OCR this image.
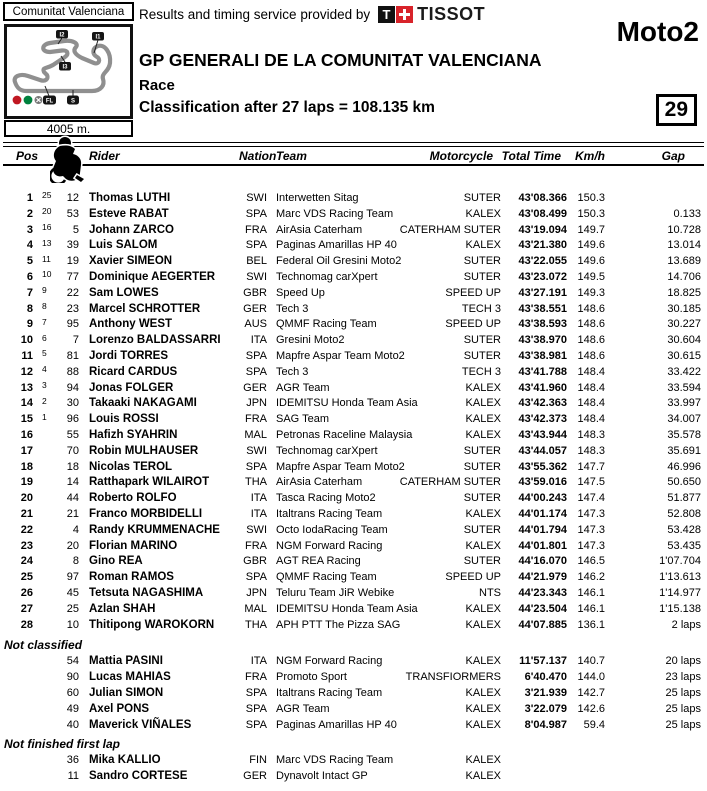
Comunitat Valenciana
I2	I1
I3
FL	S
4005 m.
Results and timing service provided by T TISSOT
Moto2
GP GENERALI DE LA COMUNITAT VALENCIANA
Race
Classification after 27 laps = 108.135 km	29
Pos	Rider	Nation Team	Motorcycle Total Time	Km/h	Gap
1	25	12 Thomas LUTHI	SWI Interwetten Sitag	SUTER	43'08.366 150.3
2	20	53 Esteve RABAT	SPA Marc VDS Racing Team	KALEX	43'08.499 150.3	0.133
3	16	5 Johann ZARCO	FRA AirAsia Caterham	CATERHAM SUTER	43'19.094 149.7	10.728
4	13	39 Luis SALOM	SPA Paginas Amarillas HP 40	KALEX	43'21.380 149.6	13.014
5	11	19 Xavier SIMEON	BEL Federal Oil Gresini Moto2	SUTER	43'22.055 149.6	13.689
6	10	77 Dominique AEGERTER	SWI Technomag carXpert	SUTER	43'23.072 149.5	14.706
7	9	22 Sam LOWES	GBR Speed Up	SPEED UP	43'27.191 149.3	18.825
8	8	23 Marcel SCHROTTER	GER Tech 3	TECH 3	43'38.551 148.6	30.185
9	7	95 Anthony WEST	AUS QMMF Racing Team	SPEED UP	43'38.593 148.6	30.227
10	6	7 Lorenzo BALDASSARRI	ITA Gresini Moto2	SUTER	43'38.970 148.6	30.604
11	5	81 Jordi TORRES	SPA Mapfre Aspar Team Moto2	SUTER	43'38.981 148.6	30.615
12	4	88 Ricard CARDUS	SPA Tech 3	TECH 3	43'41.788 148.4	33.422
13	3	94 Jonas FOLGER	GER AGR Team	KALEX	43'41.960 148.4	33.594
14	2	30 Takaaki NAKAGAMI	JPN IDEMITSU Honda Team Asia	KALEX	43'42.363 148.4	33.997
15	1	96 Louis ROSSI	FRA SAG Team	KALEX	43'42.373 148.4	34.007
16	55 Hafizh SYAHRIN	MAL Petronas Raceline Malaysia	KALEX	43'43.944 148.3	35.578
17	70 Robin MULHAUSER	SWI Technomag carXpert	SUTER	43'44.057 148.3	35.691
18	18 Nicolas TEROL	SPA Mapfre Aspar Team Moto2	SUTER	43'55.362 147.7	46.996
19	14 Ratthapark WILAIROT	THA AirAsia Caterham	CATERHAM SUTER	43'59.016 147.5	50.650
20	44 Roberto ROLFO	ITA Tasca Racing Moto2	SUTER	44'00.243 147.4	51.877
21	21 Franco MORBIDELLI	ITA Italtrans Racing Team	KALEX	44'01.174 147.3	52.808
22	4 Randy KRUMMENACHE	SWI Octo IodaRacing Team	SUTER	44'01.794 147.3	53.428
23	20 Florian MARINO	FRA NGM Forward Racing	KALEX	44'01.801 147.3	53.435
24	8 Gino REA	GBR AGT REA Racing	SUTER	44'16.070 146.5	1'07.704
25	97 Roman RAMOS	SPA QMMF Racing Team	SPEED UP	44'21.979 146.2	1'13.613
26	45 Tetsuta NAGASHIMA	JPN Teluru Team JiR Webike	NTS	44'23.343 146.1	1'14.977
27	25 Azlan SHAH	MAL IDEMITSU Honda Team Asia	KALEX	44'23.504 146.1	1'15.138
28	10 Thitipong WAROKORN	THA APH PTT The Pizza SAG	KALEX	44'07.885 136.1	2 laps
Not classified
54 Mattia PASINI	ITA NGM Forward Racing	KALEX	11'57.137 140.7	20 laps
90 Lucas MAHIAS	FRA Promoto Sport	TRANSFIORMERS	6'40.470 144.0	23 laps
60 Julian SIMON	SPA Italtrans Racing Team	KALEX	3'21.939 142.7	25 laps
49 Axel PONS	SPA AGR Team	KALEX	3'22.079 142.6	25 laps
40 Maverick VIÑALES	SPA Paginas Amarillas HP 40	KALEX	8'04.987	59.4	25 laps
Not finished first lap
36 Mika KALLIO	FIN Marc VDS Racing Team	KALEX
11 Sandro CORTESE	GER Dynavolt Intact GP	KALEX
